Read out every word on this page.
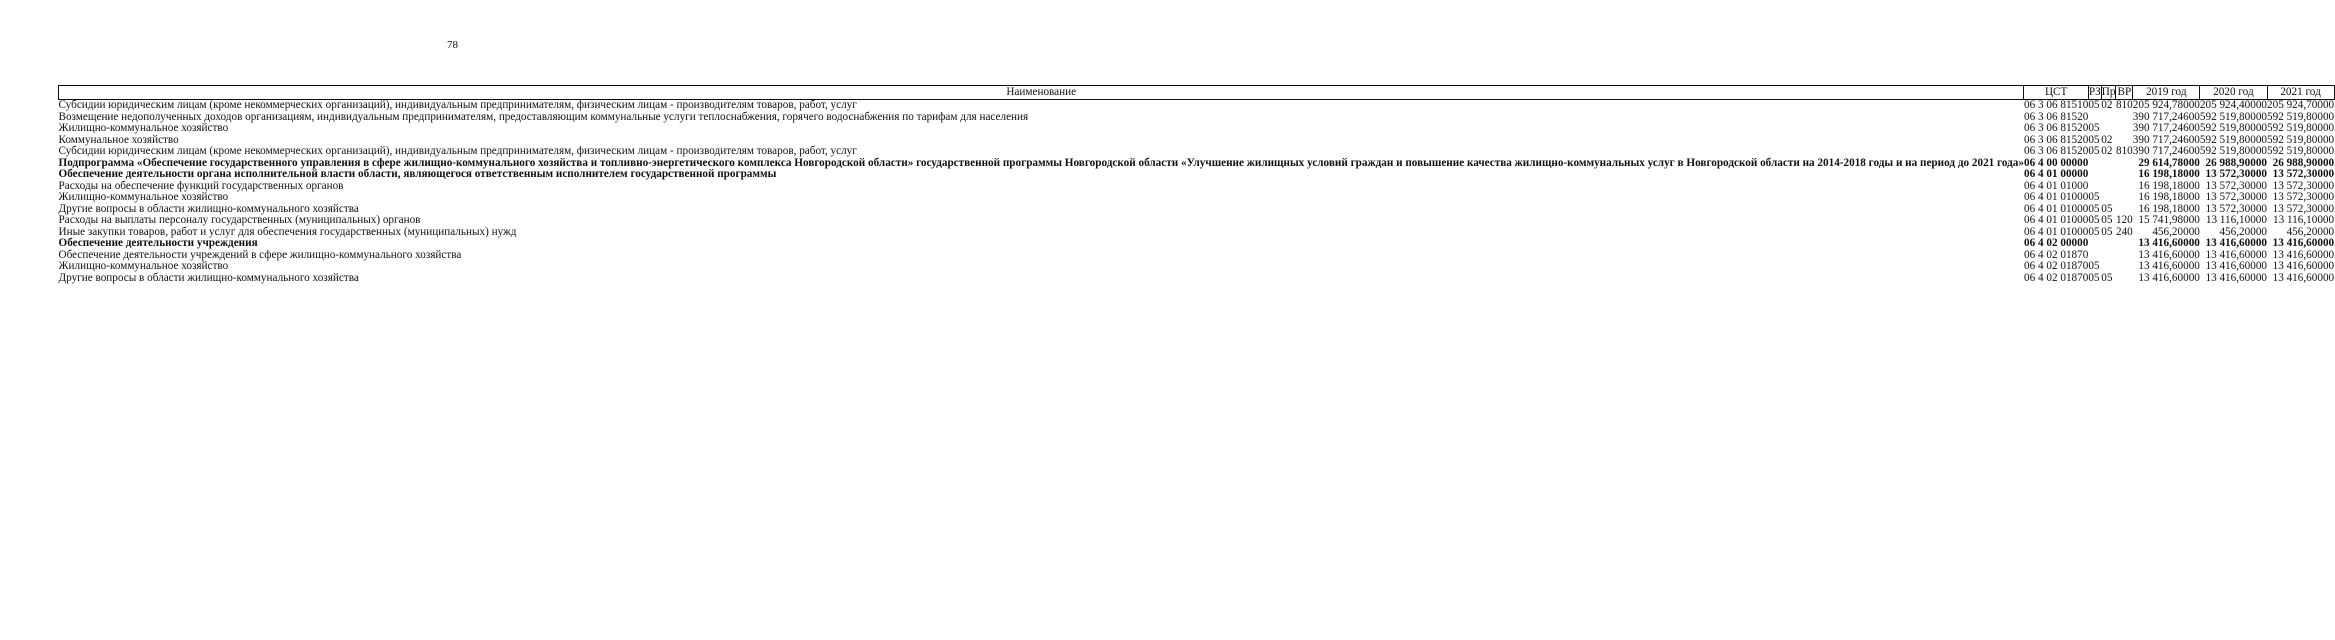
78
Наименование	ЦСТ	РЗ	Пр	ВР	2019 год	2020 год	2021 год
Субсидии юридическим лицам (кроме некоммерческих организаций), индивидуальным предпринимателям, физическим лицам - производителям товаров, работ, услуг	06 3 06 81510	05	02	810	205 924,78000	205 924,40000	205 924,70000
Возмещение недополученных доходов организациям, индивидуальным предпринимателям, предоставляющим коммунальные услуги теплоснабжения, горячего водоснабжения по тарифам для населения	06 3 06 81520				390 717,24600	592 519,80000	592 519,80000
Жилищно-коммунальное хозяйство	06 3 06 81520	05			390 717,24600	592 519,80000	592 519,80000
Коммунальное хозяйство	06 3 06 81520	05	02		390 717,24600	592 519,80000	592 519,80000
Субсидии юридическим лицам (кроме некоммерческих организаций), индивидуальным предпринимателям, физическим лицам - производителям товаров, работ, услуг	06 3 06 81520	05	02	810	390 717,24600	592 519,80000	592 519,80000
Подпрограмма «Обеспечение государственного управления в сфере жилищно-коммунального хозяйства и топливно-энергетического комплекса Новгородской области» государственной программы Новгородской области «Улучшение жилищных условий граждан и повышение качества жилищно-коммунальных услуг в Новгородской области на 2014-2018 годы и на период до 2021 года»	06 4 00 00000				29 614,78000	26 988,90000	26 988,90000
Обеспечение деятельности органа исполнительной власти области, являющегося ответственным исполнителем государственной программы	06 4 01 00000				16 198,18000	13 572,30000	13 572,30000
Расходы на обеспечение функций государственных органов	06 4 01 01000				16 198,18000	13 572,30000	13 572,30000
Жилищно-коммунальное хозяйство	06 4 01 01000	05			16 198,18000	13 572,30000	13 572,30000
Другие вопросы в области жилищно-коммунального хозяйства	06 4 01 01000	05	05		16 198,18000	13 572,30000	13 572,30000
Расходы на выплаты персоналу государственных (муниципальных) органов	06 4 01 01000	05	05	120	15 741,98000	13 116,10000	13 116,10000
Иные закупки товаров, работ и услуг для обеспечения государственных (муниципальных) нужд	06 4 01 01000	05	05	240	456,20000	456,20000	456,20000
Обеспечение деятельности учреждения	06 4 02 00000				13 416,60000	13 416,60000	13 416,60000
Обеспечение деятельности учреждений в сфере жилищно-коммунального хозяйства	06 4 02 01870				13 416,60000	13 416,60000	13 416,60000
Жилищно-коммунальное хозяйство	06 4 02 01870	05			13 416,60000	13 416,60000	13 416,60000
Другие вопросы в области жилищно-коммунального хозяйства	06 4 02 01870	05	05		13 416,60000	13 416,60000	13 416,60000
